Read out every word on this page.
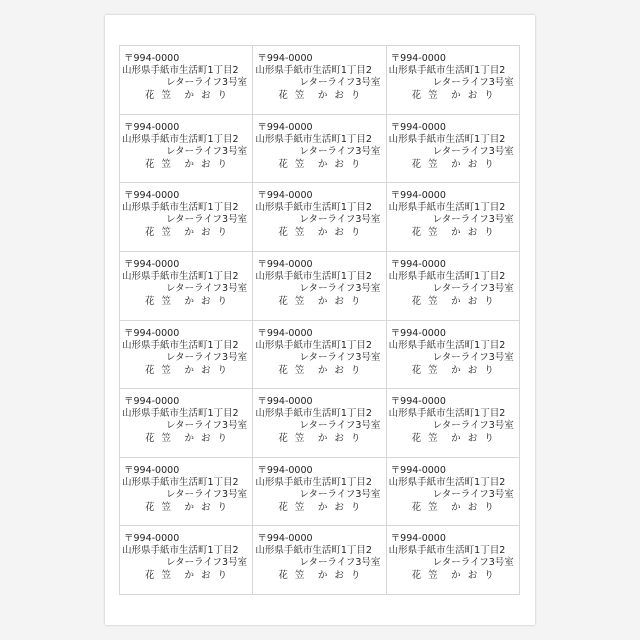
〒994-0000
山形県手紙市生活町1丁目2
レターライフ3号室
花 笠　か お り
〒994-0000
山形県手紙市生活町1丁目2
レターライフ3号室
花 笠　か お り
〒994-0000
山形県手紙市生活町1丁目2
レターライフ3号室
花 笠　か お り
〒994-0000
山形県手紙市生活町1丁目2
レターライフ3号室
花 笠　か お り
〒994-0000
山形県手紙市生活町1丁目2
レターライフ3号室
花 笠　か お り
〒994-0000
山形県手紙市生活町1丁目2
レターライフ3号室
花 笠　か お り
〒994-0000
山形県手紙市生活町1丁目2
レターライフ3号室
花 笠　か お り
〒994-0000
山形県手紙市生活町1丁目2
レターライフ3号室
花 笠　か お り
〒994-0000
山形県手紙市生活町1丁目2
レターライフ3号室
花 笠　か お り
〒994-0000
山形県手紙市生活町1丁目2
レターライフ3号室
花 笠　か お り
〒994-0000
山形県手紙市生活町1丁目2
レターライフ3号室
花 笠　か お り
〒994-0000
山形県手紙市生活町1丁目2
レターライフ3号室
花 笠　か お り
〒994-0000
山形県手紙市生活町1丁目2
レターライフ3号室
花 笠　か お り
〒994-0000
山形県手紙市生活町1丁目2
レターライフ3号室
花 笠　か お り
〒994-0000
山形県手紙市生活町1丁目2
レターライフ3号室
花 笠　か お り
〒994-0000
山形県手紙市生活町1丁目2
レターライフ3号室
花 笠　か お り
〒994-0000
山形県手紙市生活町1丁目2
レターライフ3号室
花 笠　か お り
〒994-0000
山形県手紙市生活町1丁目2
レターライフ3号室
花 笠　か お り
〒994-0000
山形県手紙市生活町1丁目2
レターライフ3号室
花 笠　か お り
〒994-0000
山形県手紙市生活町1丁目2
レターライフ3号室
花 笠　か お り
〒994-0000
山形県手紙市生活町1丁目2
レターライフ3号室
花 笠　か お り
〒994-0000
山形県手紙市生活町1丁目2
レターライフ3号室
花 笠　か お り
〒994-0000
山形県手紙市生活町1丁目2
レターライフ3号室
花 笠　か お り
〒994-0000
山形県手紙市生活町1丁目2
レターライフ3号室
花 笠　か お り
